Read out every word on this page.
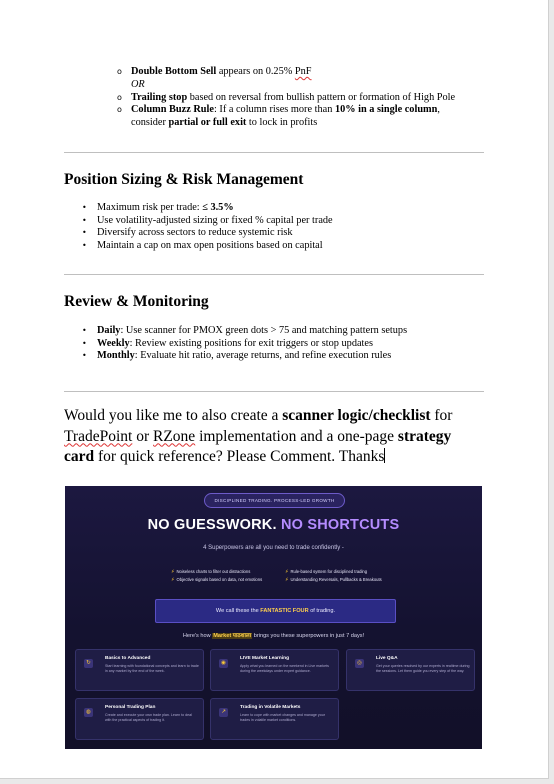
o Double Bottom Sell appears on 0.25% PnF
OR
o Trailing stop based on reversal from bullish pattern or formation of High Pole
o Column Buzz Rule: If a column rises more than 10% in a single column,
consider partial or full exit to lock in profits
Position Sizing & Risk Management
• Maximum risk per trade: ≤ 3.5%
• Use volatility-adjusted sizing or fixed % capital per trade
• Diversify across sectors to reduce systemic risk
• Maintain a cap on max open positions based on capital
Review & Monitoring
• Daily: Use scanner for PMOX green dots > 75 and matching pattern setups
• Weekly: Review existing positions for exit triggers or stop updates
• Monthly: Evaluate hit ratio, average returns, and refine execution rules

Would you like me to also create a scanner logic/checklist for TradePoint or RZone implementation and a one-page strategy card for quick reference? Please Comment. Thanks

DISCIPLINED TRADING. PROCESS-LED GROWTH
NO GUESSWORK. NO SHORTCUTS
4 Superpowers are all you need to trade confidently -
⚡ Noiseless charts to filter out distractions
⚡ Objective signals based on data, not emotions
⚡ Rule-based system for disciplined trading
⚡ Understanding Reversals, Pullbacks & Breakouts
We call these the FANTASTIC FOUR of trading.
Here's how Market पाठशाला brings you these superpowers in just 7 days!
↻
Basics to Advanced
Start learning with foundational concepts and learn to trade in any market by the end of the week.
◉
LIVE Market Learning
Apply what you learned on the weekend in Live markets during the weekdays under expert guidance.
◎
Live Q&A
Get your queries resolved by our experts in realtime during the sessions. Let them guide you every step of the way.
◍
Personal Trading Plan
Create and execute your own trade plan. Learn to deal with the practical aspects of trading it.
↗
Trading in Volatile Markets
Learn to cope with market changes and manage your trades in volatile market conditions.
